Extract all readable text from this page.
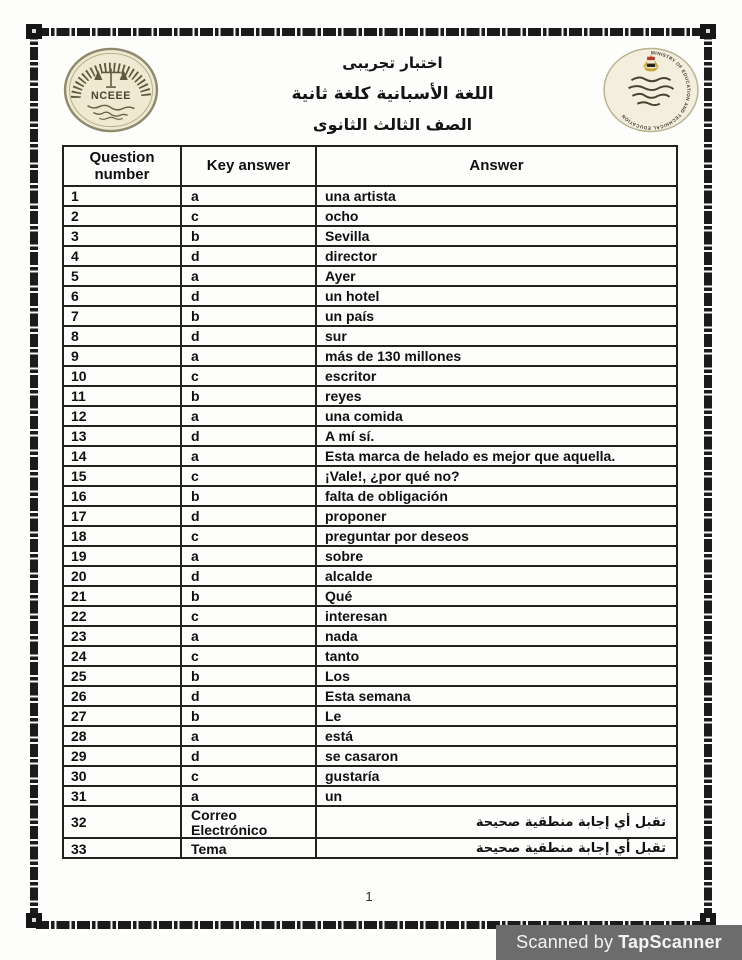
NCEEE
اختبار تجريبى
اللغة الأسبانية كلغة ثانية
الصف الثالث الثانوى
MINISTRY OF EDUCATION AND TECHNICAL EDUCATION
Question number	Key answer	Answer
1	a	una artista
2	c	ocho
3	b	Sevilla
4	d	director
5	a	Ayer
6	d	un hotel
7	b	un país
8	d	sur
9	a	más de 130 millones
10	c	escritor
11	b	reyes
12	a	una comida
13	d	A mí sí.
14	a	Esta marca de helado es mejor que aquella.
15	c	¡Vale!, ¿por qué no?
16	b	falta de obligación
17	d	proponer
18	c	preguntar por deseos
19	a	sobre
20	d	alcalde
21	b	Qué
22	c	interesan
23	a	nada
24	c	tanto
25	b	Los
26	d	Esta semana
27	b	Le
28	a	está
29	d	se casaron
30	c	gustaría
31	a	un
32	Correo Electrónico	تقبل أي إجابة منطقية صحيحة
33	Tema	تقبل أي إجابة منطقية صحيحة
1
Scanned by TapScanner
